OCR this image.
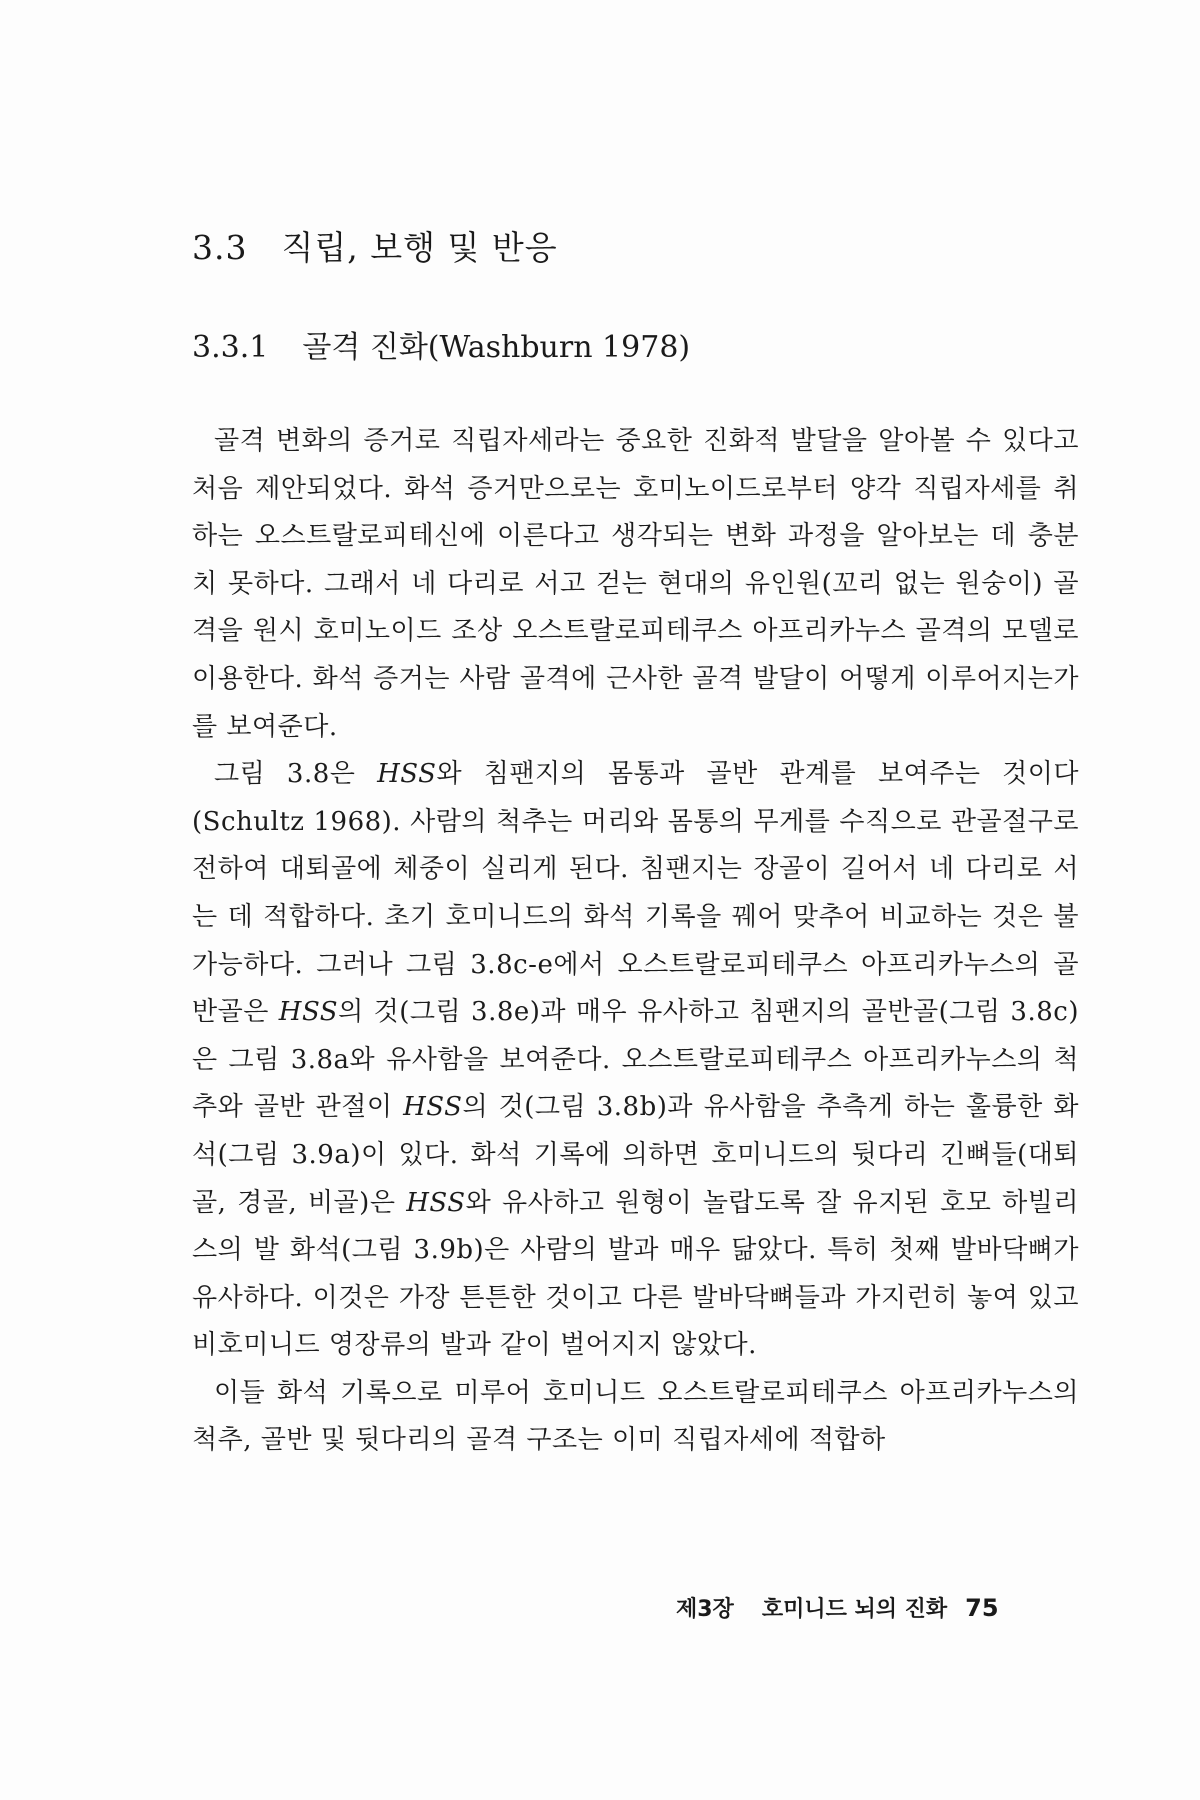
3.3 직립, 보행 및 반응
3.3.1 골격 진화(Washburn 1978)

골격 변화의 증거로 직립자세라는 중요한 진화적 발달을 알아볼 수 있다고 처음 제안되었다. 화석 증거만으로는 호미노이드로부터 양각 직립자세를 취하는 오스트랄로피테신에 이른다고 생각되는 변화 과정을 알아보는 데 충분치 못하다. 그래서 네 다리로 서고 걷는 현대의 유인원(꼬리 없는 원숭이) 골격을 원시 호미노이드 조상 오스트랄로피테쿠스 아프리카누스 골격의 모델로 이용한다. 화석 증거는 사람 골격에 근사한 골격 발달이 어떻게 이루어지는가를 보여준다.

그림 3.8은 HSS와 침팬지의 몸통과 골반 관계를 보여주는 것이다(Schultz 1968). 사람의 척추는 머리와 몸통의 무게를 수직으로 관골절구로 전하여 대퇴골에 체중이 실리게 된다. 침팬지는 장골이 길어서 네 다리로 서는 데 적합하다. 초기 호미니드의 화석 기록을 꿰어 맞추어 비교하는 것은 불가능하다. 그러나 그림 3.8c-e에서 오스트랄로피테쿠스 아프리카누스의 골반골은 HSS의 것(그림 3.8e)과 매우 유사하고 침팬지의 골반골(그림 3.8c)은 그림 3.8a와 유사함을 보여준다. 오스트랄로피테쿠스 아프리카누스의 척추와 골반 관절이 HSS의 것(그림 3.8b)과 유사함을 추측게 하는 훌륭한 화석(그림 3.9a)이 있다. 화석 기록에 의하면 호미니드의 뒷다리 긴뼈들(대퇴골, 경골, 비골)은 HSS와 유사하고 원형이 놀랍도록 잘 유지된 호모 하빌리스의 발 화석(그림 3.9b)은 사람의 발과 매우 닮았다. 특히 첫째 발바닥뼈가 유사하다. 이것은 가장 튼튼한 것이고 다른 발바닥뼈들과 가지런히 놓여 있고 비호미니드 영장류의 발과 같이 벌어지지 않았다.

이들 화석 기록으로 미루어 호미니드 오스트랄로피테쿠스 아프리카누스의 척추, 골반 및 뒷다리의 골격 구조는 이미 직립자세에 적합하

제3장 호미니드 뇌의 진화 75
